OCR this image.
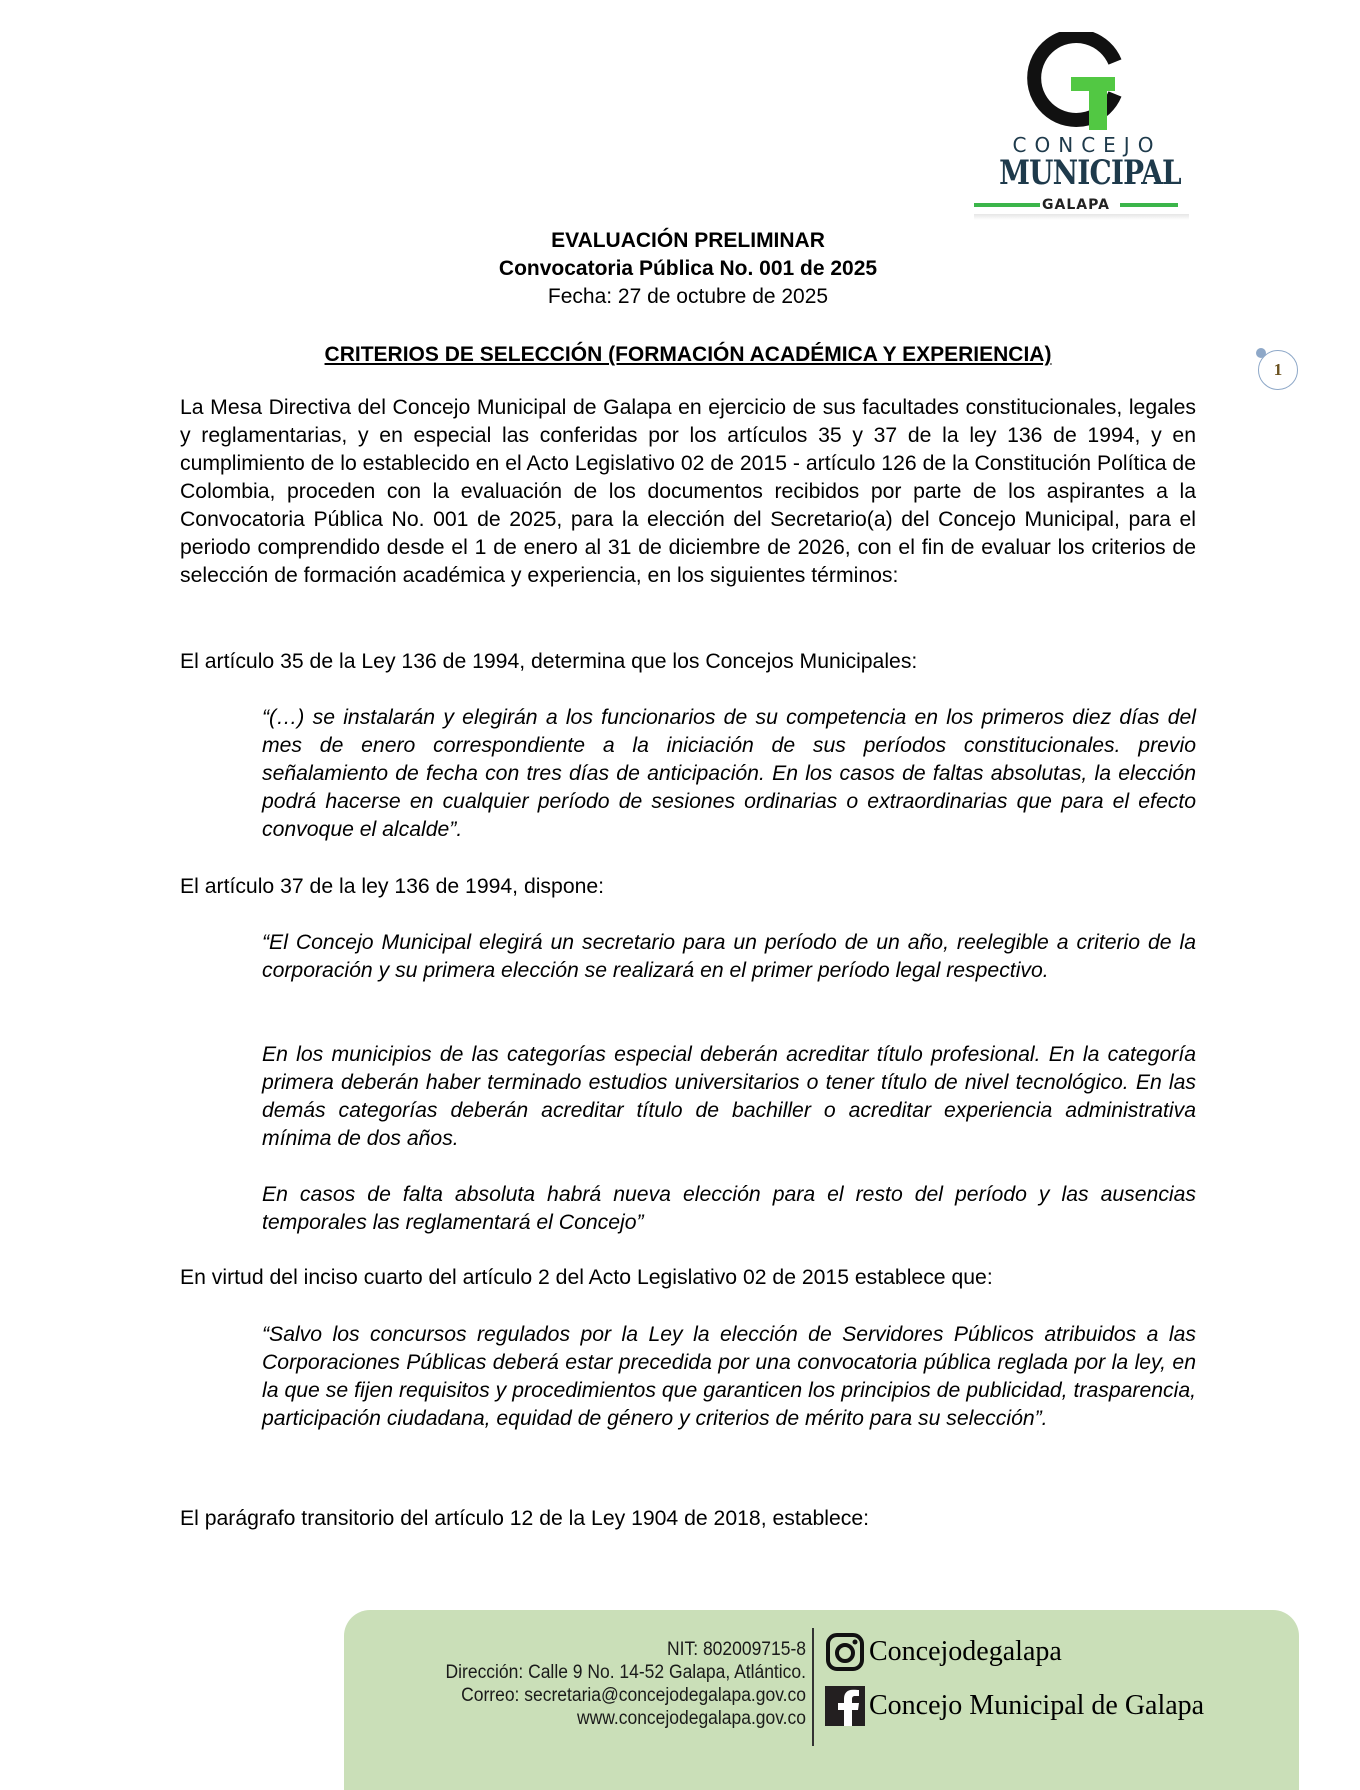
CONCEJO
MUNICIPAL
GALAPA
1
EVALUACIÓN PRELIMINAR
Convocatoria Pública No. 001 de 2025
Fecha: 27 de octubre de 2025
CRITERIOS DE SELECCIÓN (FORMACIÓN ACADÉMICA Y EXPERIENCIA)

La Mesa Directiva del Concejo Municipal de Galapa en ejercicio de sus facultades constitucionales, legales y reglamentarias, y en especial las conferidas por los artículos 35 y 37 de la ley 136 de 1994, y en cumplimiento de lo establecido en el Acto Legislativo 02 de 2015 - artículo 126 de la Constitución Política de Colombia, proceden con la evaluación de los documentos recibidos por parte de los aspirantes a la Convocatoria Pública No. 001 de 2025, para la elección del Secretario(a) del Concejo Municipal, para el periodo comprendido desde el 1 de enero al 31 de diciembre de 2026, con el fin de evaluar los criterios de selección de formación académica y experiencia, en los siguientes términos:

El artículo 35 de la Ley 136 de 1994, determina que los Concejos Municipales:

“(…) se instalarán y elegirán a los funcionarios de su competencia en los primeros diez días del mes de enero correspondiente a la iniciación de sus períodos constitucionales. previo señalamiento de fecha con tres días de anticipación. En los casos de faltas absolutas, la elección podrá hacerse en cualquier período de sesiones ordinarias o extraordinarias que para el efecto convoque el alcalde”.

El artículo 37 de la ley 136 de 1994, dispone:

“El Concejo Municipal elegirá un secretario para un período de un año, reelegible a criterio de la corporación y su primera elección se realizará en el primer período legal respectivo.

En los municipios de las categorías especial deberán acreditar título profesional. En la categoría primera deberán haber terminado estudios universitarios o tener título de nivel tecnológico. En las demás categorías deberán acreditar título de bachiller o acreditar experiencia administrativa mínima de dos años.

En casos de falta absoluta habrá nueva elección para el resto del período y las ausencias temporales las reglamentará el Concejo”

En virtud del inciso cuarto del artículo 2 del Acto Legislativo 02 de 2015 establece que:

“Salvo los concursos regulados por la Ley la elección de Servidores Públicos atribuidos a las Corporaciones Públicas deberá estar precedida por una convocatoria pública reglada por la ley, en la que se fijen requisitos y procedimientos que garanticen los principios de publicidad, trasparencia, participación ciudadana, equidad de género y criterios de mérito para su selección”.

El parágrafo transitorio del artículo 12 de la Ley 1904 de 2018, establece:

NIT: 802009715-8
Dirección: Calle 9 No. 14-52 Galapa, Atlántico.
Correo: secretaria@concejodegalapa.gov.co
www.concejodegalapa.gov.co
Concejodegalapa
Concejo Municipal de Galapa
